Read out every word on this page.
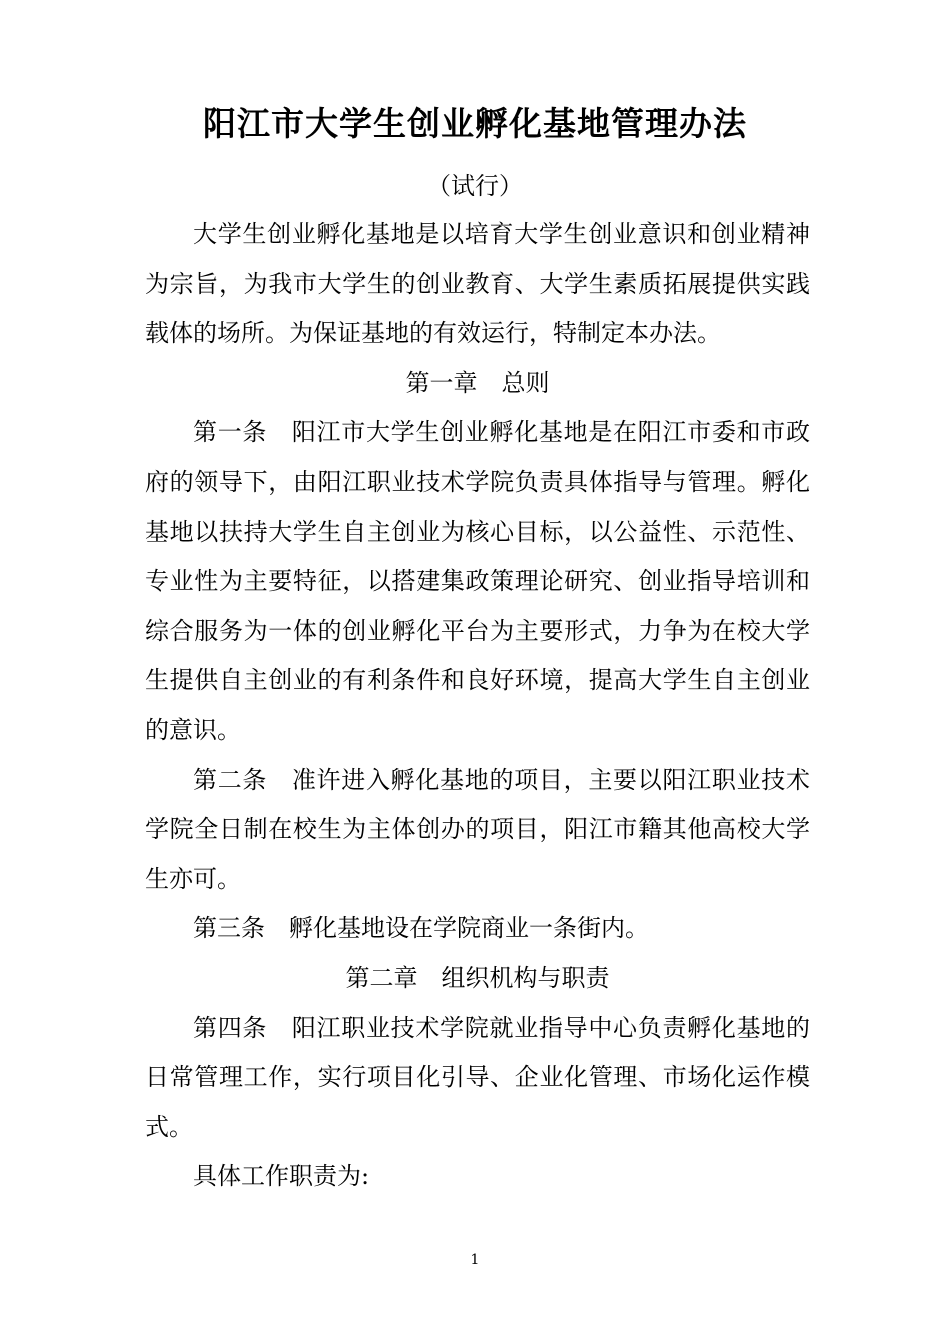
阳江市大学生创业孵化基地管理办法
（试行）

大学生创业孵化基地是以培育大学生创业意识和创业精神为宗旨，为我市大学生的创业教育、大学生素质拓展提供实践载体的场所。为保证基地的有效运行，特制定本办法。

第一章　总则

第一条　 阳江市大学生创业孵化基地是在阳江市委和市政府的领导下，由阳江职业技术学院负责具体指导与管理。孵化基地以扶持大学生自主创业为核心目标，以公益性、示范性、专业性为主要特征，以搭建集政策理论研究、创业指导培训和综合服务为一体的创业孵化平台为主要形式，力争为在校大学生提供自主创业的有利条件和良好环境，提高大学生自主创业的意识。

第二条　 准许进入孵化基地的项目，主要以阳江职业技术学院全日制在校生为主体创办的项目，阳江市籍其他高校大学生亦可。

第三条　 孵化基地设在学院商业一条街内。

第二章　组织机构与职责

第四条　 阳江职业技术学院就业指导中心负责孵化基地的日常管理工作，实行项目化引导、企业化管理、市场化运作模式。

具体工作职责为:

1
